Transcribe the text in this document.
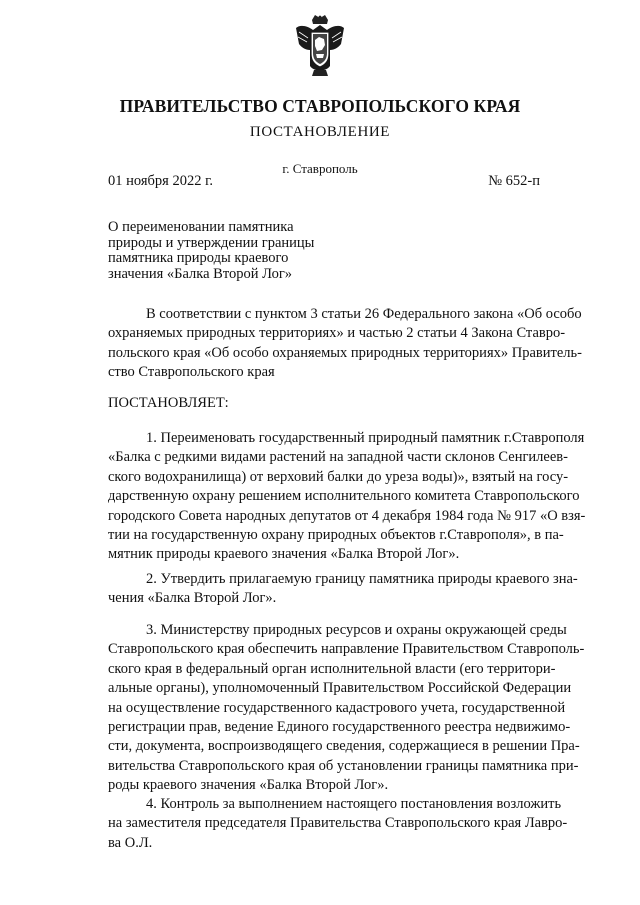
ПРАВИТЕЛЬСТВО СТАВРОПОЛЬСКОГО КРАЯ
ПОСТАНОВЛЕНИЕ
г. Ставрополь
01 ноября 2022 г.	№ 652-п
О переименовании памятника
природы и утверждении границы
памятника природы краевого
значения «Балка Второй Лог»
В соответствии с пунктом 3 статьи 26 Федерального закона «Об особо
охраняемых природных территориях» и частью 2 статьи 4 Закона Ставро-
польского края «Об особо охраняемых природных территориях» Правитель-
ство Ставропольского края
ПОСТАНОВЛЯЕТ:
1. Переименовать государственный природный памятник г.Ставрополя
«Балка с редкими видами растений на западной части склонов Сенгилеев-
ского водохранилища) от верховий балки до уреза воды)», взятый на госу-
дарственную охрану решением исполнительного комитета Ставропольского
городского Совета народных депутатов от 4 декабря 1984 года № 917 «О взя-
тии на государственную охрану природных объектов г.Ставрополя», в па-
мятник природы краевого значения «Балка Второй Лог».
2. Утвердить прилагаемую границу памятника природы краевого зна-
чения «Балка Второй Лог».
3. Министерству природных ресурсов и охраны окружающей среды
Ставропольского края обеспечить направление Правительством Ставрополь-
ского края в федеральный орган исполнительной власти (его территори-
альные органы), уполномоченный Правительством Российской Федерации
на осуществление государственного кадастрового учета, государственной
регистрации прав, ведение Единого государственного реестра недвижимо-
сти, документа, воспроизводящего сведения, содержащиеся в решении Пра-
вительства Ставропольского края об установлении границы памятника при-
роды краевого значения «Балка Второй Лог».
4. Контроль за выполнением настоящего постановления возложить
на заместителя председателя Правительства Ставропольского края Лавро-
ва О.Л.
